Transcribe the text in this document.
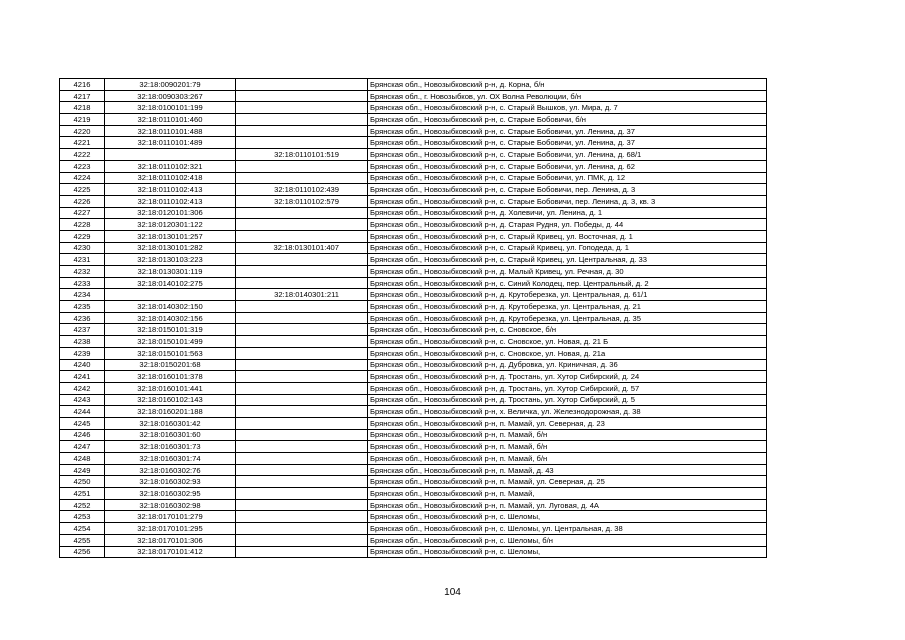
4216	32:18:0090201:79		Брянская обл., Новозыбковский р-н, д. Корна, б/н
4217	32:18:0090303:267		Брянская обл., г. Новозыбков, ул. ОХ Волна Революции, б/н
4218	32:18:0100101:199		Брянская обл., Новозыбковский р-н, с. Старый Вышков, ул. Мира, д. 7
4219	32:18:0110101:460		Брянская обл., Новозыбковский р-н, с. Старые Бобовичи, б/н
4220	32:18:0110101:488		Брянская обл., Новозыбковский р-н, с. Старые Бобовичи, ул. Ленина, д. 37
4221	32:18:0110101:489		Брянская обл., Новозыбковский р-н, с. Старые Бобовичи, ул. Ленина, д. 37
4222		32:18:0110101:519	Брянская обл., Новозыбковский р-н, с. Старые Бобовичи, ул. Ленина, д. 68/1
4223	32:18:0110102:321		Брянская обл., Новозыбковский р-н, с. Старые Бобовичи, ул. Ленина, д. 62
4224	32:18:0110102:418		Брянская обл., Новозыбковский р-н, с. Старые Бобовичи, ул. ПМК, д. 12
4225	32:18:0110102:413	32:18:0110102:439	Брянская обл., Новозыбковский р-н, с. Старые Бобовичи, пер. Ленина, д. 3
4226	32:18:0110102:413	32:18:0110102:579	Брянская обл., Новозыбковский р-н, с. Старые Бобовичи, пер. Ленина, д. 3, кв. 3
4227	32:18:0120101:306		Брянская обл., Новозыбковский р-н, д. Холевичи, ул. Ленина, д. 1
4228	32:18:0120301:122		Брянская обл., Новозыбковский р-н, д. Старая Рудня, ул. Победы, д. 44
4229	32:18:0130101:257		Брянская обл., Новозыбковский р-н, с. Старый Кривец, ул. Восточная, д. 1
4230	32:18:0130101:282	32:18:0130101:407	Брянская обл., Новозыбковский р-н, с. Старый Кривец, ул. Гоподеда, д. 1
4231	32:18:0130103:223		Брянская обл., Новозыбковский р-н, с. Старый Кривец, ул. Центральная, д. 33
4232	32:18:0130301:119		Брянская обл., Новозыбковский р-н, д. Малый Кривец, ул. Речная, д. 30
4233	32:18:0140102:275		Брянская обл., Новозыбковский р-н, с. Синий Колодец, пер. Центральный, д. 2
4234		32:18:0140301:211	Брянская обл., Новозыбковский р-н, д. Крутоберезка, ул. Центральная, д. 61/1
4235	32:18:0140302:150		Брянская обл., Новозыбковский р-н, д. Крутоберезка, ул. Центральная, д. 21
4236	32:18:0140302:156		Брянская обл., Новозыбковский р-н, д. Крутоберезка, ул. Центральная, д. 35
4237	32:18:0150101:319		Брянская обл., Новозыбковский р-н, с. Сновское, б/н
4238	32:18:0150101:499		Брянская обл., Новозыбковский р-н, с. Сновское, ул. Новая, д. 21 Б
4239	32:18:0150101:563		Брянская обл., Новозыбковский р-н, с. Сновское, ул. Новая, д. 21а
4240	32:18:0150201:68		Брянская обл., Новозыбковский р-н, д. Дубровка, ул. Криничная, д. 36
4241	32:18:0160101:378		Брянская обл., Новозыбковский р-н, д. Тростань, ул. Хутор Сибирский, д. 24
4242	32:18:0160101:441		Брянская обл., Новозыбковский р-н, д. Тростань, ул. Хутор Сибирский, д. 57
4243	32:18:0160102:143		Брянская обл., Новозыбковский р-н, д. Тростань, ул. Хутор Сибирский, д. 5
4244	32:18:0160201:188		Брянская обл., Новозыбковский р-н, х. Величка, ул. Железнодорожная, д. 38
4245	32:18:0160301:42		Брянская обл., Новозыбковский р-н, п. Мамай, ул. Северная, д. 23
4246	32:18:0160301:60		Брянская обл., Новозыбковский р-н, п. Мамай, б/н
4247	32:18:0160301:73		Брянская обл., Новозыбковский р-н, п. Мамай, б/н
4248	32:18:0160301:74		Брянская обл., Новозыбковский р-н, п. Мамай, б/н
4249	32:18:0160302:76		Брянская обл., Новозыбковский р-н, п. Мамай, д. 43
4250	32:18:0160302:93		Брянская обл., Новозыбковский р-н, п. Мамай, ул. Северная, д. 25
4251	32:18:0160302:95		Брянская обл., Новозыбковский р-н, п. Мамай,
4252	32:18:0160302:98		Брянская обл., Новозыбковский р-н, п. Мамай, ул. Луговая, д. 4А
4253	32:18:0170101:279		Брянская обл., Новозыбковский р-н, с. Шеломы,
4254	32:18:0170101:295		Брянская обл., Новозыбковский р-н, с. Шеломы, ул. Центральная, д. 38
4255	32:18:0170101:306		Брянская обл., Новозыбковский р-н, с. Шеломы, б/н
4256	32:18:0170101:412		Брянская обл., Новозыбковский р-н, с. Шеломы,
104
